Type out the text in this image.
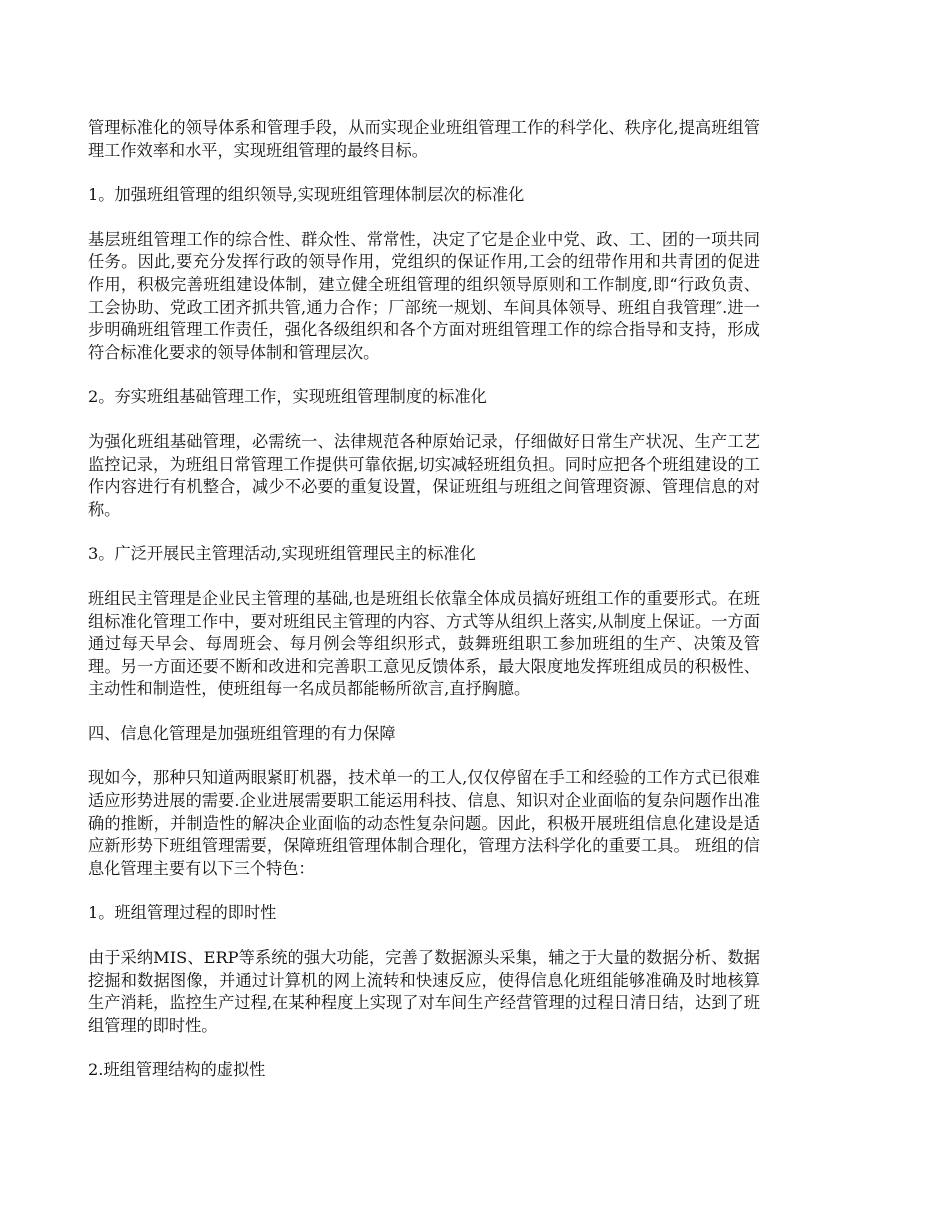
管理标准化的领导体系和管理手段，从而实现企业班组管理工作的科学化、秩序化,提高班组管理工作效率和水平，实现班组管理的最终目标。

1。加强班组管理的组织领导,实现班组管理体制层次的标准化

基层班组管理工作的综合性、群众性、常常性，决定了它是企业中党、政、工、团的一项共同任务。因此,要充分发挥行政的领导作用，党组织的保证作用,工会的纽带作用和共青团的促进作用，积极完善班组建设体制，建立健全班组管理的组织领导原则和工作制度,即“行政负责、工会协助、党政工团齐抓共管,通力合作；厂部统一规划、车间具体领导、班组自我管理″.进一步明确班组管理工作责任，强化各级组织和各个方面对班组管理工作的综合指导和支持，形成符合标准化要求的领导体制和管理层次。

2。夯实班组基础管理工作，实现班组管理制度的标准化

为强化班组基础管理，必需统一、法律规范各种原始记录，仔细做好日常生产状况、生产工艺监控记录，为班组日常管理工作提供可靠依据,切实减轻班组负担。同时应把各个班组建设的工作内容进行有机整合，减少不必要的重复设置，保证班组与班组之间管理资源、管理信息的对称。

3。广泛开展民主管理活动,实现班组管理民主的标准化

班组民主管理是企业民主管理的基础,也是班组长依靠全体成员搞好班组工作的重要形式。在班组标准化管理工作中，要对班组民主管理的内容、方式等从组织上落实,从制度上保证。一方面通过每天早会、每周班会、每月例会等组织形式，鼓舞班组职工参加班组的生产、决策及管理。另一方面还要不断和改进和完善职工意见反馈体系，最大限度地发挥班组成员的积极性、主动性和制造性，使班组每一名成员都能畅所欲言,直抒胸臆。

四、信息化管理是加强班组管理的有力保障

现如今，那种只知道两眼紧盯机器，技术单一的工人,仅仅停留在手工和经验的工作方式已很难适应形势进展的需要.企业进展需要职工能运用科技、信息、知识对企业面临的复杂问题作出准确的推断，并制造性的解决企业面临的动态性复杂问题。因此，积极开展班组信息化建设是适应新形势下班组管理需要，保障班组管理体制合理化，管理方法科学化的重要工具。 班组的信息化管理主要有以下三个特色：

1。班组管理过程的即时性

由于采纳MIS、ERP等系统的强大功能，完善了数据源头采集，辅之于大量的数据分析、数据挖掘和数据图像，并通过计算机的网上流转和快速反应，使得信息化班组能够准确及时地核算生产消耗，监控生产过程,在某种程度上实现了对车间生产经营管理的过程日清日结，达到了班组管理的即时性。

2.班组管理结构的虚拟性
